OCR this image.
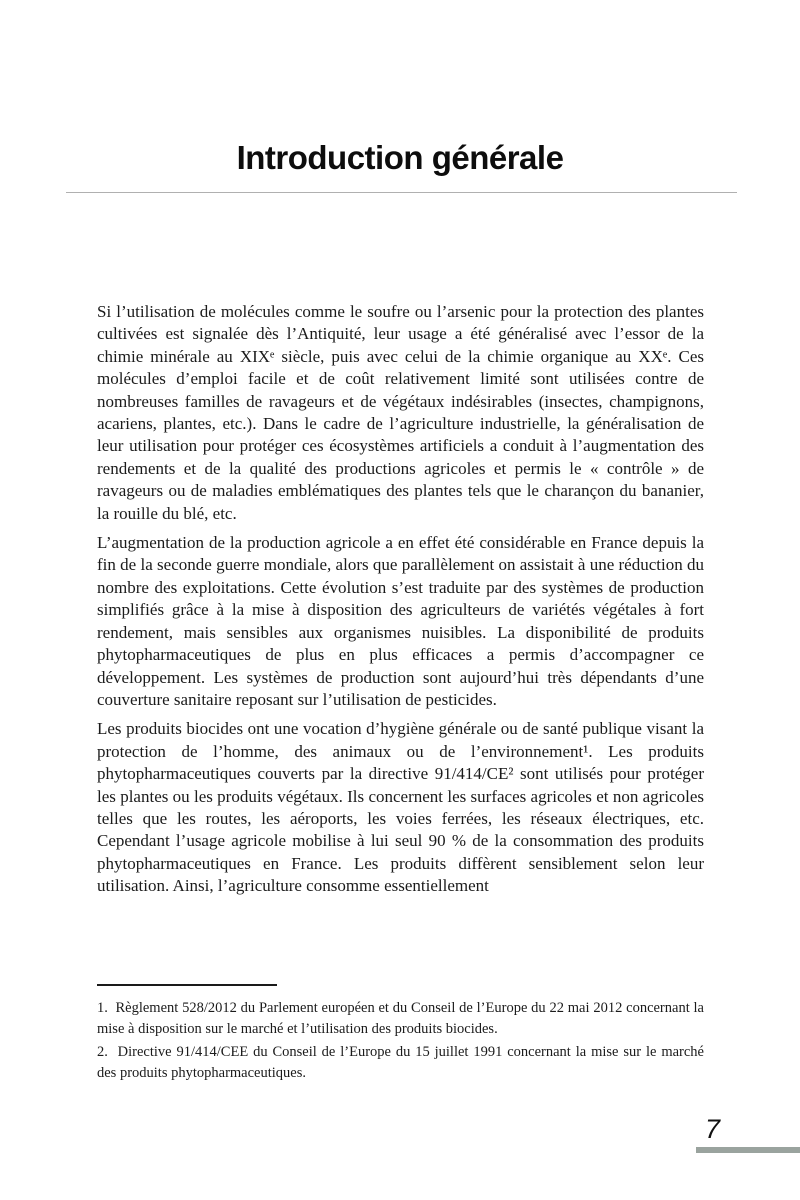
Introduction générale

Si l’utilisation de molécules comme le soufre ou l’arsenic pour la protection des plantes cultivées est signalée dès l’Antiquité, leur usage a été généralisé avec l’essor de la chimie minérale au XIXᵉ siècle, puis avec celui de la chimie organique au XXᵉ. Ces molécules d’emploi facile et de coût relativement limité sont utilisées contre de nombreuses familles de ravageurs et de végétaux indésirables (insectes, champignons, acariens, plantes, etc.). Dans le cadre de l’agriculture industrielle, la généralisation de leur utilisation pour protéger ces écosystèmes artificiels a conduit à l’augmentation des rendements et de la qualité des productions agricoles et permis le « contrôle » de ravageurs ou de maladies emblématiques des plantes tels que le charançon du bananier, la rouille du blé, etc.

L’augmentation de la production agricole a en effet été considérable en France depuis la fin de la seconde guerre mondiale, alors que parallèlement on assistait à une réduction du nombre des exploitations. Cette évolution s’est traduite par des systèmes de production simplifiés grâce à la mise à disposition des agriculteurs de variétés végétales à fort rendement, mais sensibles aux organismes nuisibles. La disponibilité de produits phytopharmaceutiques de plus en plus efficaces a permis d’accompagner ce développement. Les systèmes de production sont aujourd’hui très dépendants d’une couverture sanitaire reposant sur l’utilisation de pesticides.

Les produits biocides ont une vocation d’hygiène générale ou de santé publique visant la protection de l’homme, des animaux ou de l’environnement¹. Les produits phytopharmaceutiques couverts par la directive 91/414/CE² sont utilisés pour protéger les plantes ou les produits végétaux. Ils concernent les surfaces agricoles et non agricoles telles que les routes, les aéroports, les voies ferrées, les réseaux électriques, etc. Cependant l’usage agricole mobilise à lui seul 90 % de la consommation des produits phytopharmaceutiques en France. Les produits diffèrent sensiblement selon leur utilisation. Ainsi, l’agriculture consomme essentiellement

1.  Règlement 528/2012 du Parlement européen et du Conseil de l’Europe du 22 mai 2012 concernant la mise à disposition sur le marché et l’utilisation des produits biocides.
2.  Directive 91/414/CEE du Conseil de l’Europe du 15 juillet 1991 concernant la mise sur le marché des produits phytopharmaceutiques.
7
